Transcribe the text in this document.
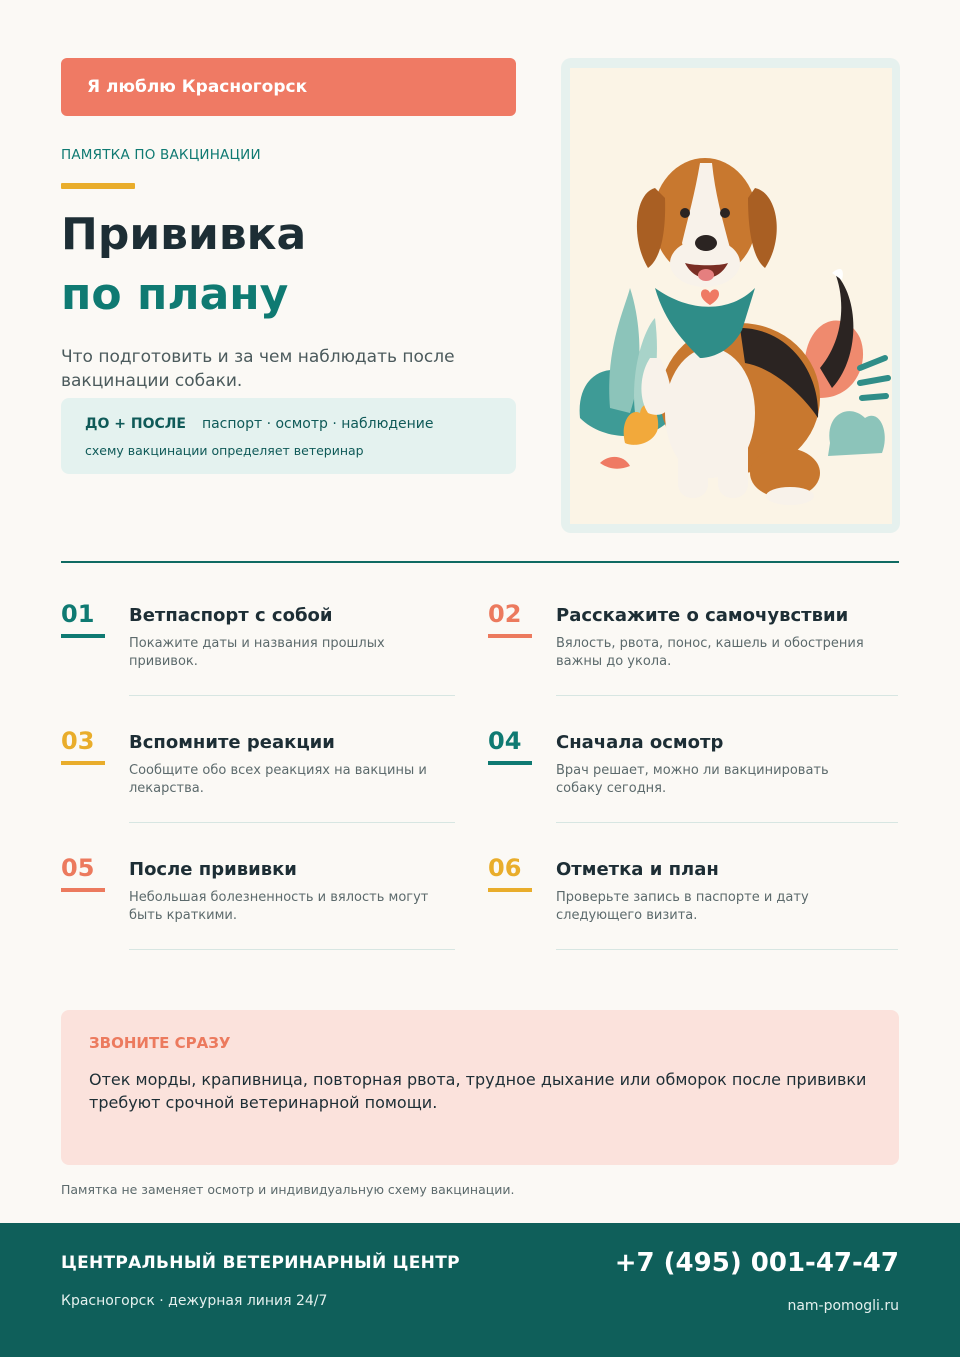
Я люблю Красногорск
ПАМЯТКА ПО ВАКЦИНАЦИИ
Прививка
по плану
Что подготовить и за чем наблюдать после вакцинации собаки.
ДО + ПОСЛЕ паспорт · осмотр · наблюдение
схему вакцинации определяет ветеринар
01 Ветпаспорт с собой
Покажите даты и названия прошлых прививок.
02 Расскажите о самочувствии
Вялость, рвота, понос, кашель и обострения важны до укола.
03 Вспомните реакции
Сообщите обо всех реакциях на вакцины и лекарства.
04 Сначала осмотр
Врач решает, можно ли вакцинировать собаку сегодня.
05 После прививки
Небольшая болезненность и вялость могут быть краткими.
06 Отметка и план
Проверьте запись в паспорте и дату следующего визита.
ЗВОНИТЕ СРАЗУ
Отек морды, крапивница, повторная рвота, трудное дыхание или обморок после прививки требуют срочной ветеринарной помощи.
Памятка не заменяет осмотр и индивидуальную схему вакцинации.
ЦЕНТРАЛЬНЫЙ ВЕТЕРИНАРНЫЙ ЦЕНТР
Красногорск · дежурная линия 24/7
+7 (495) 001-47-47
nam-pomogli.ru
